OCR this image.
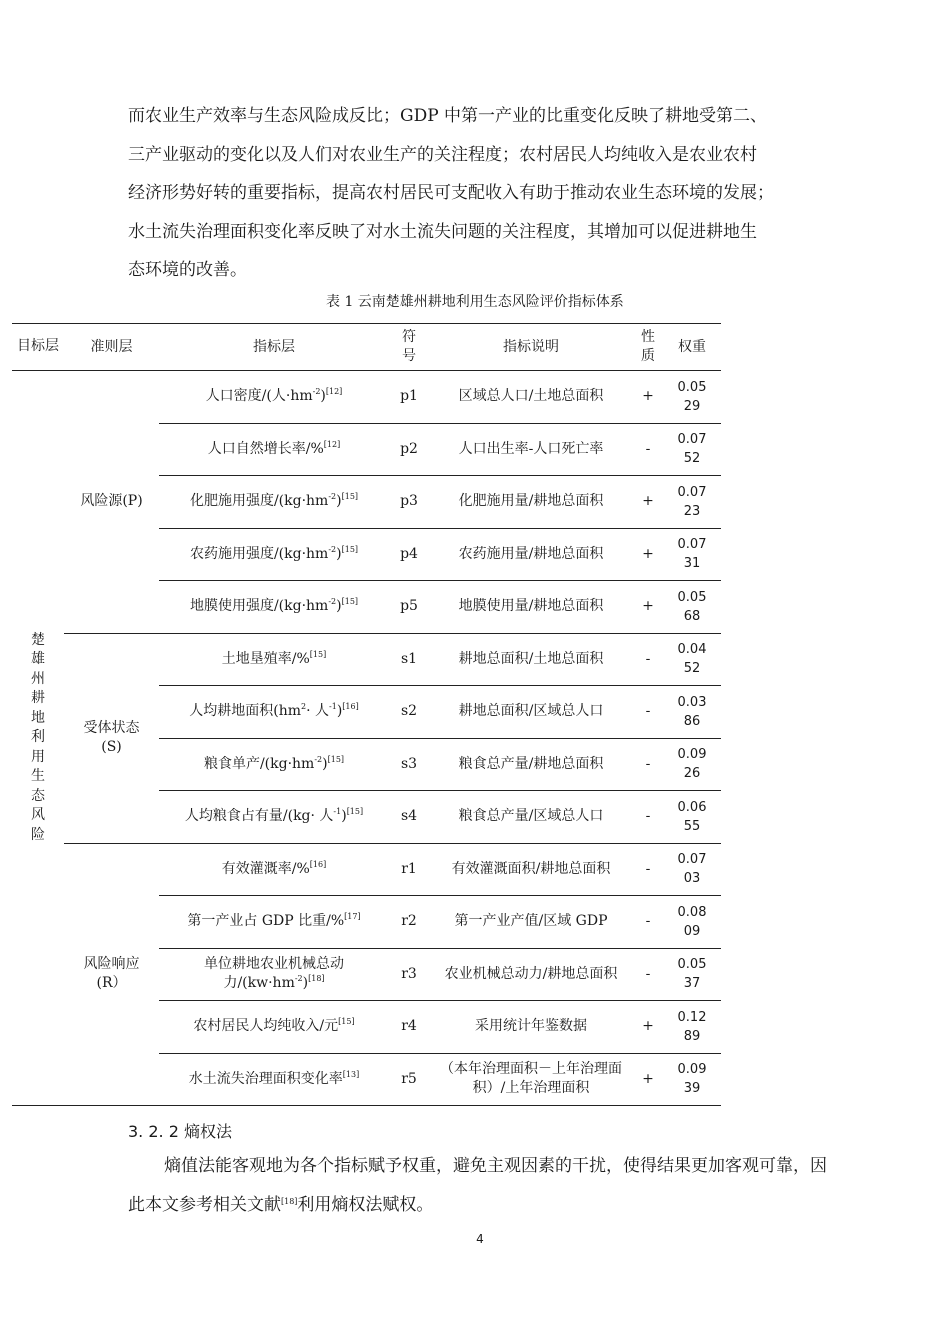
而农业生产效率与生态风险成反比；GDP 中第一产业的比重变化反映了耕地受第二、
三产业驱动的变化以及人们对农业生产的关注程度；农村居民人均纯收入是农业农村
经济形势好转的重要指标，提高农村居民可支配收入有助于推动农业生态环境的发展；
水土流失治理面积变化率反映了对水土流失问题的关注程度，其增加可以促进耕地生
态环境的改善。

表 1 云南楚雄州耕地利用生态风险评价指标体系
目标层	准则层	指标层	符号	指标说明	性质	权重
楚雄州耕地利用生态风险	风险源(P)	人口密度/(人$\cdot hm^{-2})[12]$	p1	区域总人口/土地总面积	+	0.0529
		人口自然增长率/%[12]	p2	人口出生率-人口死亡率	-	0.0752
		化肥施用强度$/(kg\cdot hm^{-2})[15]$	p3	化肥施用量/耕地总面积	+	0.0723
		农药施用强度$/(kg\cdot hm^{-2})[15]$	p4	农药施用量/耕地总面积	+	0.0731
		地膜使用强度$/(kg\cdot hm^{-2})[15]$	p5	地膜使用量/耕地总面积	+	0.0568
	受体状态(S)	土地垦殖率/%[15]	s1	耕地总面积/土地总面积	-	0.0452
		人均耕地面积($hm^2\cdot$ 人$^{-1}$)[16]	s2	耕地总面积/区域总人口	-	0.0386
		粮食单产$/(kg\cdot hm^{-2})[15]$	s3	粮食总产量/耕地总面积	-	0.0926
		人均粮食占有量/(kg· 人$^{-1}$)[15]	s4	粮食总产量/区域总人口	-	0.0655
	风险响应(R）	有效灌溉率/%[16]	r1	有效灌溉面积/耕地总面积	-	0.0703
		第一产业占 GDP 比重/%[17]	r2	第一产业产值/区域 GDP	-	0.0809
		单位耕地农业机械总动力$/(kw\cdot hm^{-2})[18]$	r3	农业机械总动力/耕地总面积	-	0.0537
		农村居民人均纯收入/元[15]	r4	采用统计年鉴数据	+	0.1289
		水土流失治理面积变化率[13]	r5	（本年治理面积－上年治理面积）/上年治理面积	+	0.0939
3. 2. 2 熵权法

熵值法能客观地为各个指标赋予权重，避免主观因素的干扰，使得结果更加客观可靠，因此本文参考相关文献[18]利用熵权法赋权。

4
